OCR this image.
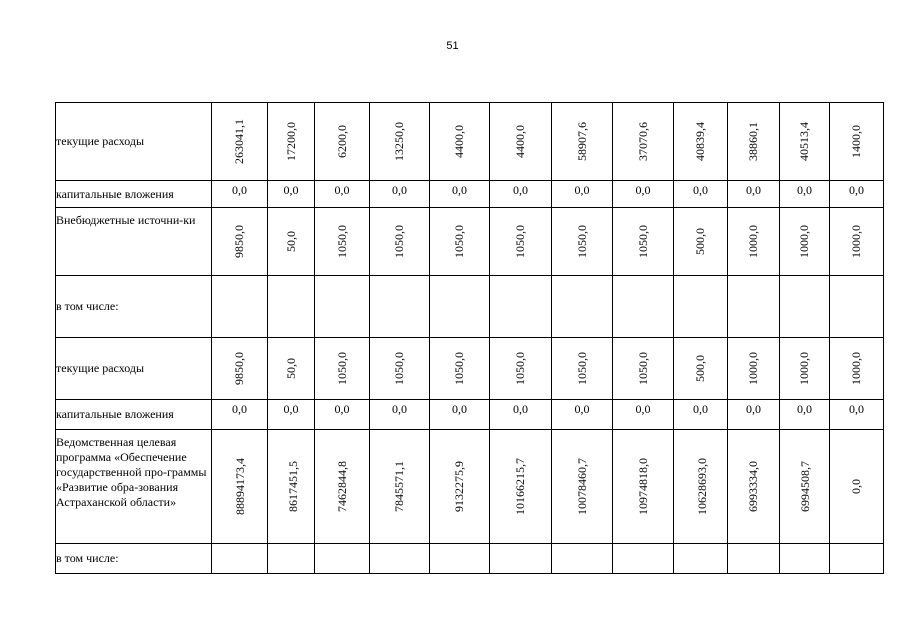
51
текущие расходы	263041,1	17200,0	6200,0	13250,0	4400,0	4400,0	58907,6	37070,6	40839,4	38860,1	40513,4	1400,0
капитальные вложения	0,0	0,0	0,0	0,0	0,0	0,0	0,0	0,0	0,0	0,0	0,0	0,0
Внебюджетные источни-ки	9850,0	50,0	1050,0	1050,0	1050,0	1050,0	1050,0	1050,0	500,0	1000,0	1000,0	1000,0
в том числе:												
текущие расходы	9850,0	50,0	1050,0	1050,0	1050,0	1050,0	1050,0	1050,0	500,0	1000,0	1000,0	1000,0
капитальные вложения	0,0	0,0	0,0	0,0	0,0	0,0	0,0	0,0	0,0	0,0	0,0	0,0
Ведомственная целевая программа «Обеспечение государственной про-граммы «Развитие обра-зования Астраханской области»	88894173,4	8617451,5	7462844,8	7845571,1	9132275,9	10166215,7	10078460,7	10974818,0	10628693,0	6993334,0	6994508,7	0,0
в том числе:												
